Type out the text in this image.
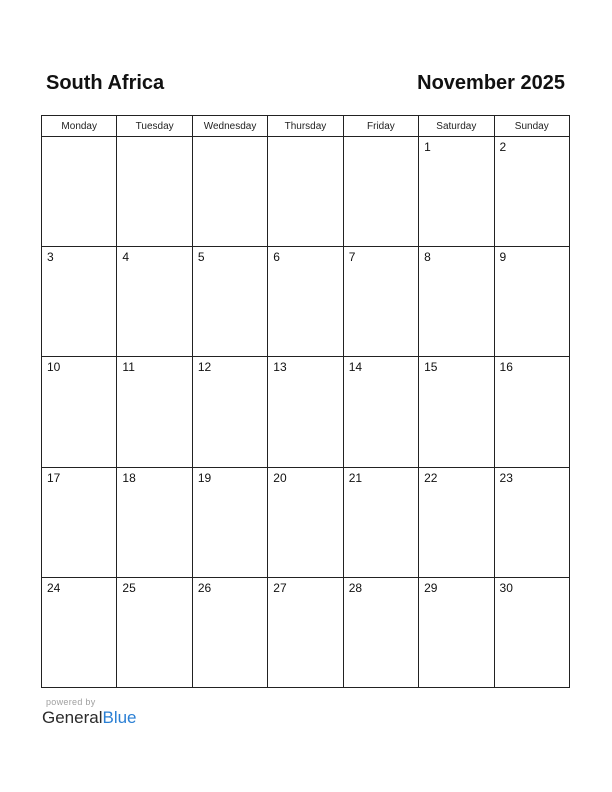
South Africa	November 2025
Monday	Tuesday	Wednesday	Thursday	Friday	Saturday	Sunday

					1	2

3	4	5	6	7	8	9

10	11	12	13	14	15	16

17	18	19	20	21	22	23

24	25	26	27	28	29	30
powered by
GeneralBlue
